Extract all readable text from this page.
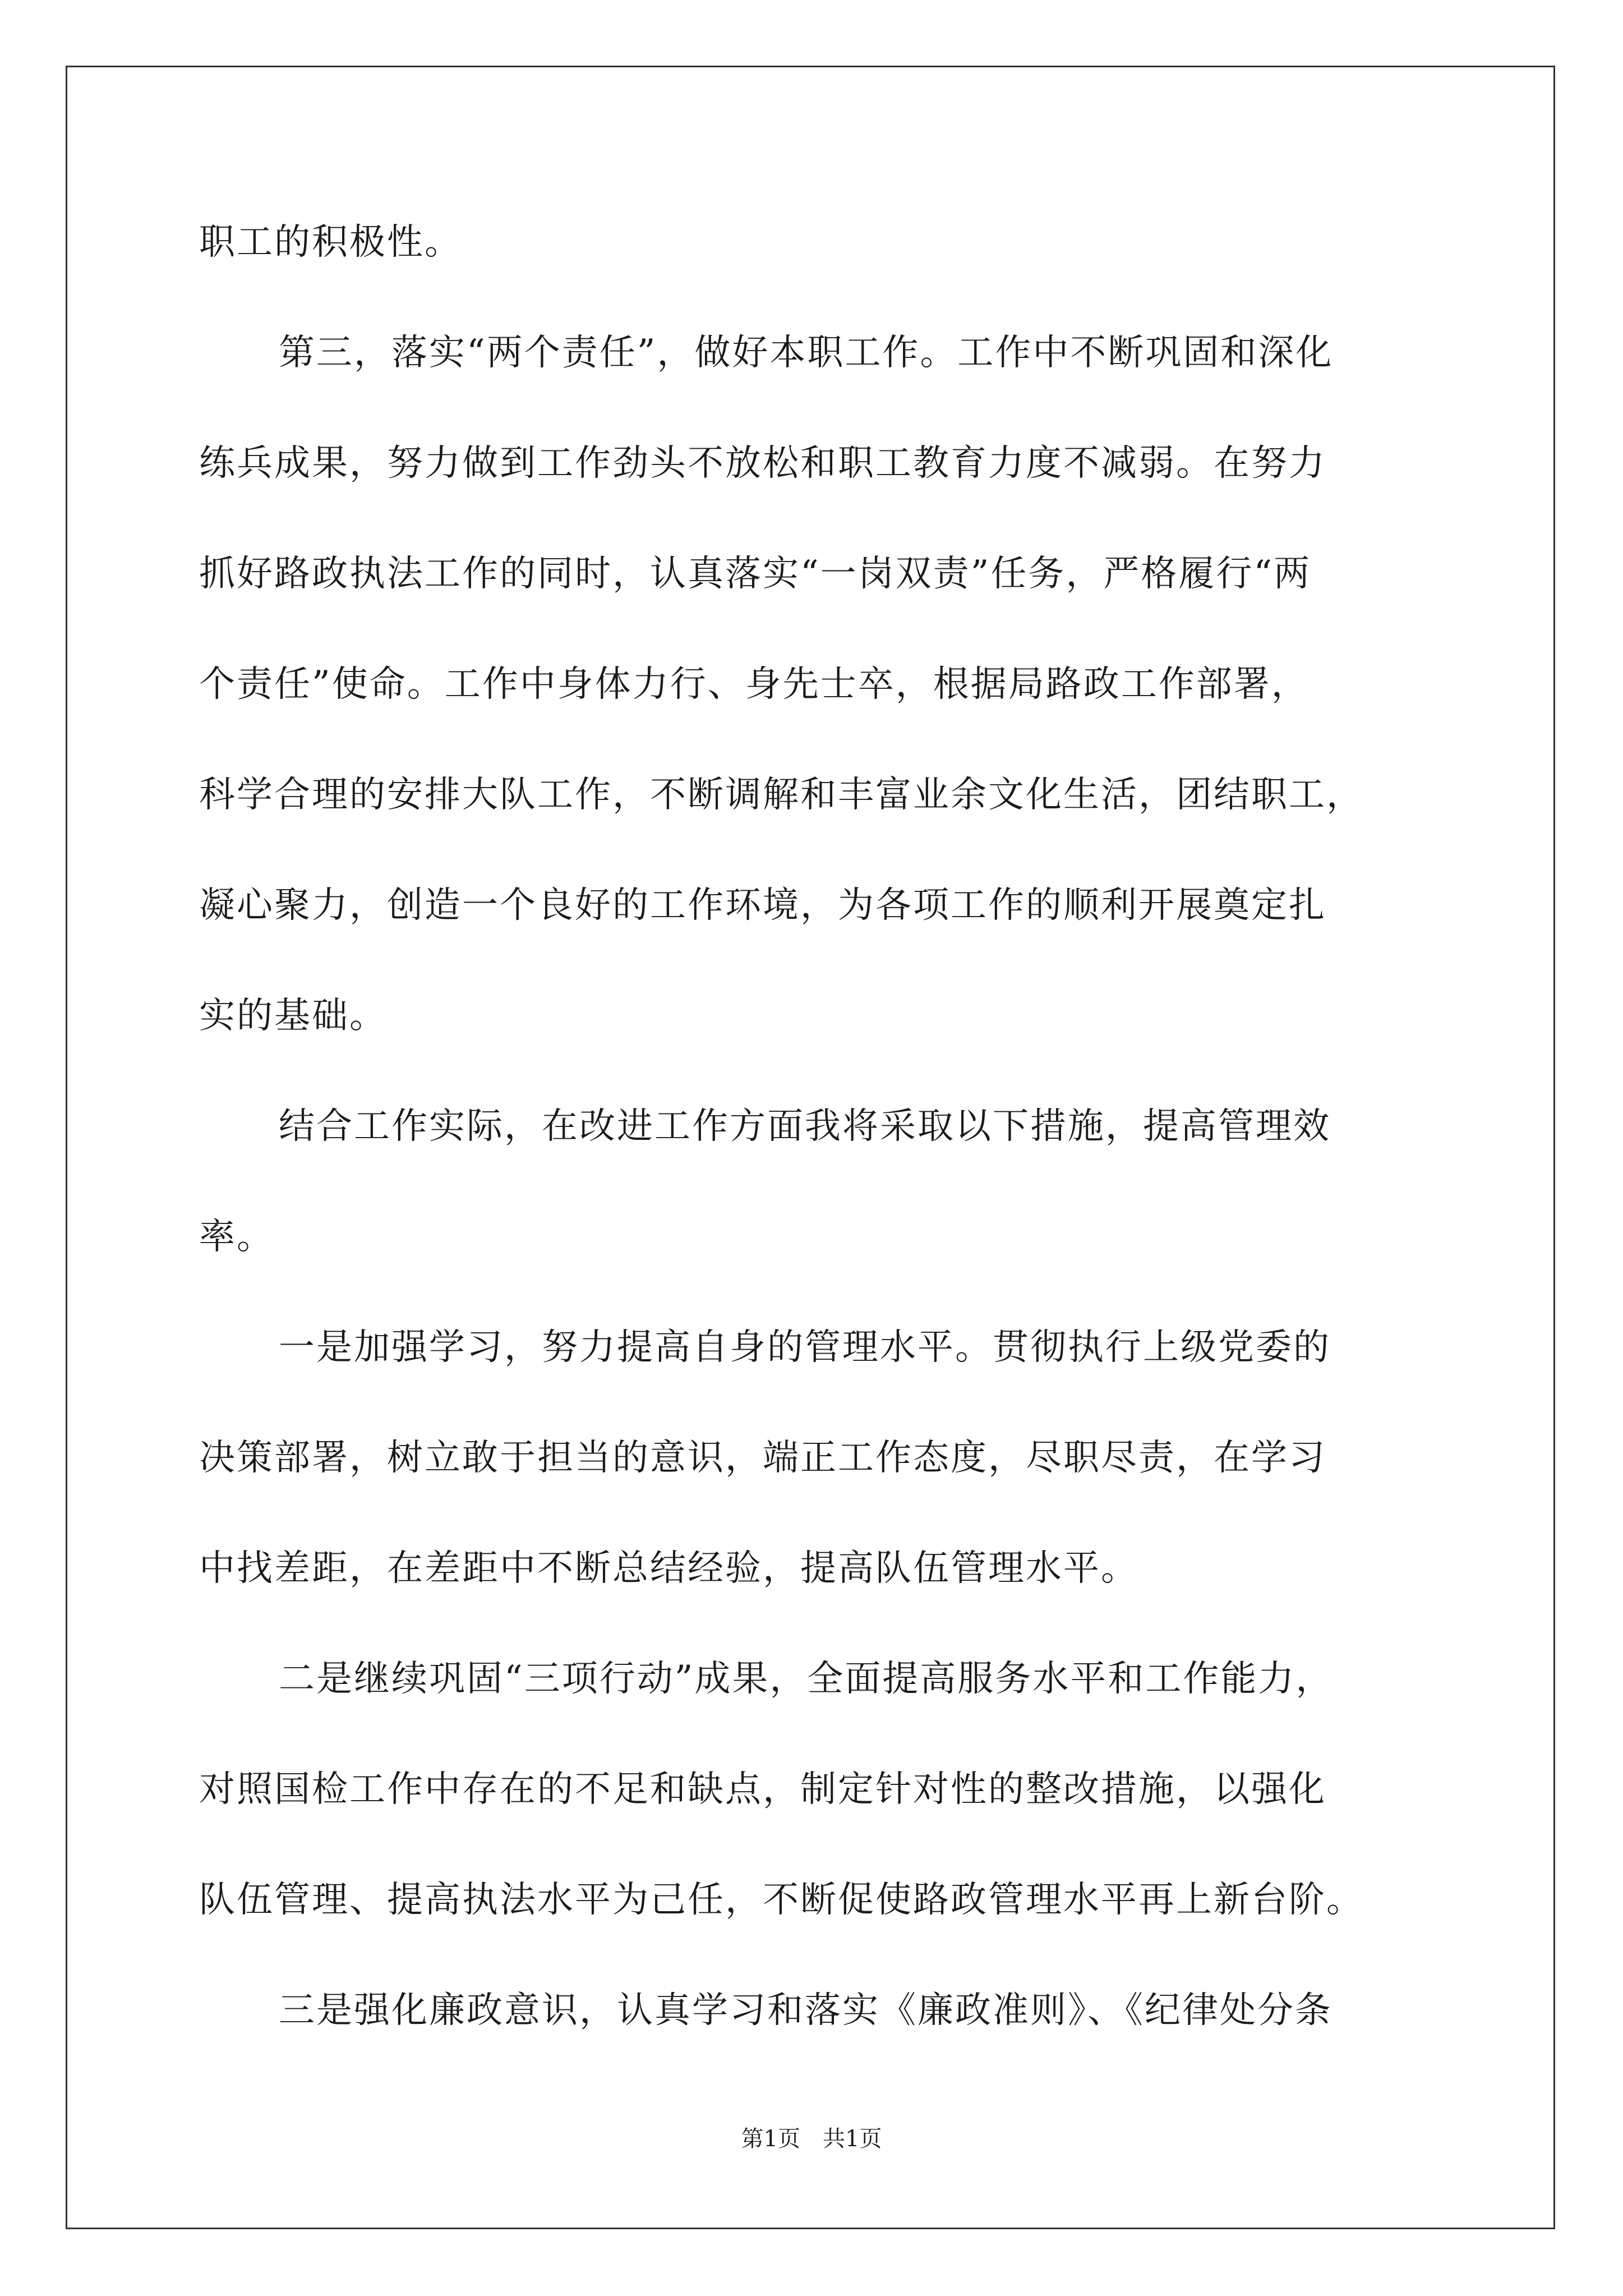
职工的积极性。
第三，落实“两个责任”，做好本职工作。工作中不断巩固和深化
练兵成果，努力做到工作劲头不放松和职工教育力度不减弱。在努力
抓好路政执法工作的同时，认真落实“一岗双责”任务，严格履行“两
个责任”使命。工作中身体力行、身先士卒，根据局路政工作部署，
科学合理的安排大队工作，不断调解和丰富业余文化生活，团结职工，
凝心聚力，创造一个良好的工作环境，为各项工作的顺利开展奠定扎
实的基础。
结合工作实际，在改进工作方面我将采取以下措施，提高管理效
率。
一是加强学习，努力提高自身的管理水平。贯彻执行上级党委的
决策部署，树立敢于担当的意识，端正工作态度，尽职尽责，在学习
中找差距，在差距中不断总结经验，提高队伍管理水平。
二是继续巩固“三项行动”成果，全面提高服务水平和工作能力，
对照国检工作中存在的不足和缺点，制定针对性的整改措施，以强化
队伍管理、提高执法水平为己任，不断促使路政管理水平再上新台阶。
三是强化廉政意识，认真学习和落实《廉政准则》、《纪律处分条
第1页 共1页
